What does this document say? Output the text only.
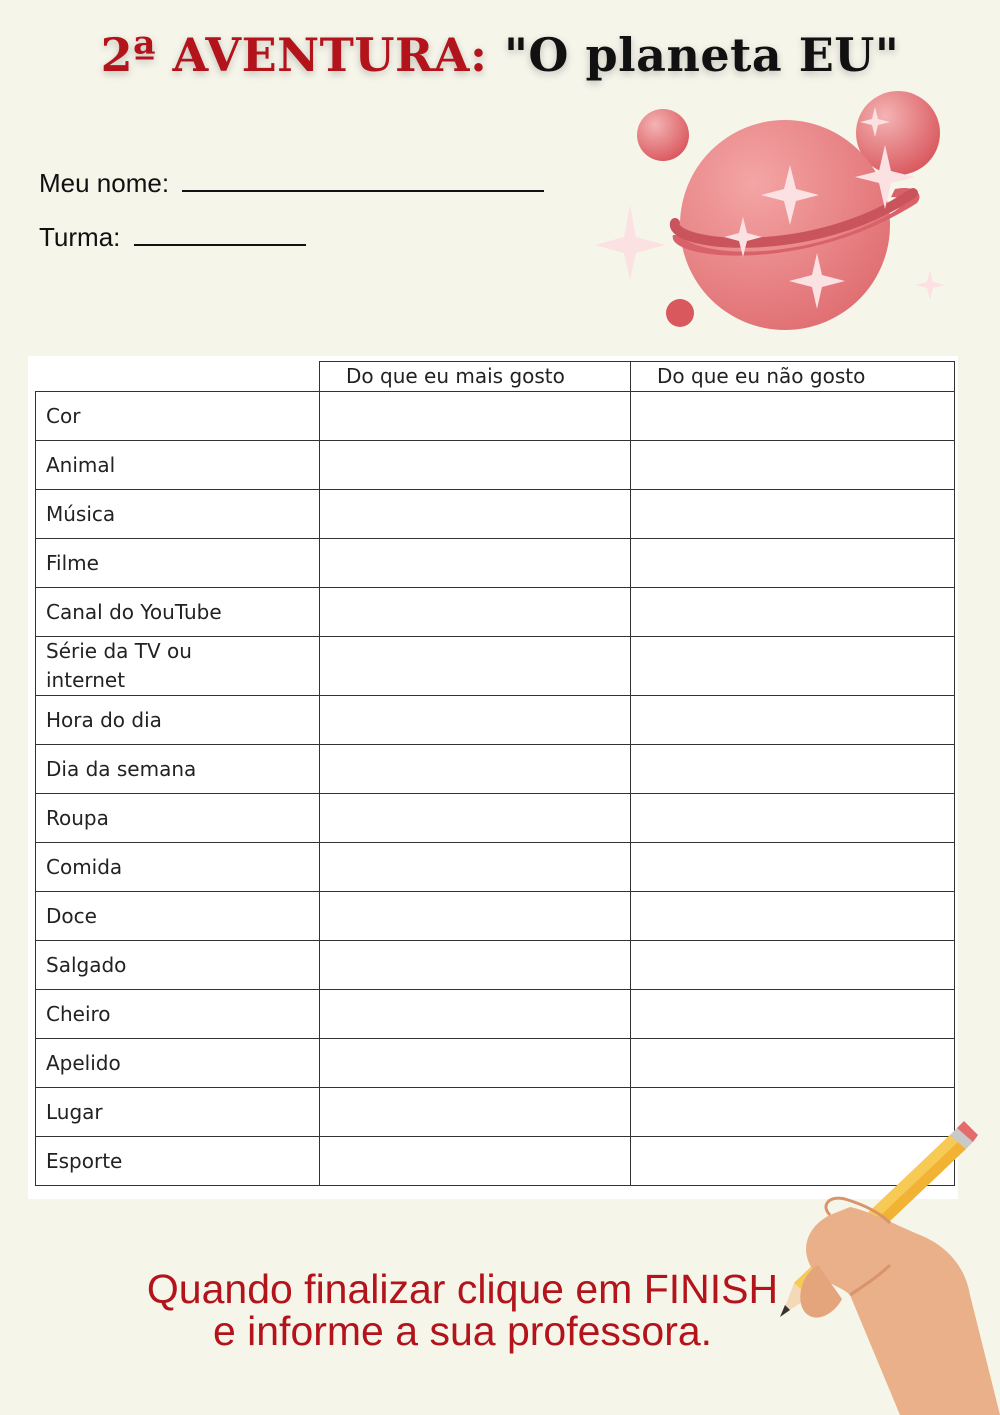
2ª AVENTURA: "O planeta EU"
Meu nome:
Turma:
	Do que eu mais gosto	Do que eu não gosto
Cor		
Animal		
Música		
Filme		
Canal do YouTube		
Série da TV ou internet		
Hora do dia		
Dia da semana		
Roupa		
Comida		
Doce		
Salgado		
Cheiro		
Apelido		
Lugar		
Esporte		
Quando finalizar clique em FINISH
e informe a sua professora.
